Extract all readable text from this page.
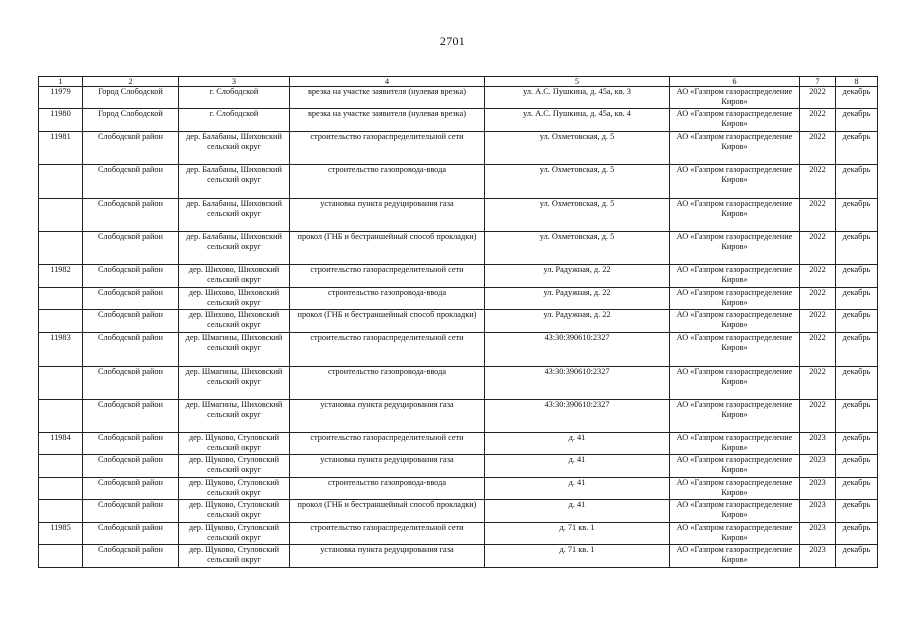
2701
1	2	3	4	5	6	7	8
11979	Город Слободской	г. Слободской	врезка на участке заявителя (нулевая врезка)	ул. А.С. Пушкина, д. 45а, кв. 3	АО «Газпром газораспределение Киров»	2022	декабрь
11980	Город Слободской	г. Слободской	врезка на участке заявителя (нулевая врезка)	ул. А.С. Пушкина, д. 45а, кв. 4	АО «Газпром газораспределение Киров»	2022	декабрь
11981	Слободской район	дер. Балабаны, Шиховский сельский округ	строительство газораспределительной сети	ул. Охметовская, д. 5	АО «Газпром газораспределение Киров»	2022	декабрь
	Слободской район	дер. Балабаны, Шиховский сельский округ	строительство газопровода-ввода	ул. Охметовская, д. 5	АО «Газпром газораспределение Киров»	2022	декабрь
	Слободской район	дер. Балабаны, Шиховский сельский округ	установка пункта редуцирования газа	ул. Охметовская, д. 5	АО «Газпром газораспределение Киров»	2022	декабрь
	Слободской район	дер. Балабаны, Шиховский сельский округ	прокол (ГНБ и бестраншейный способ прокладки)	ул. Охметовская, д. 5	АО «Газпром газораспределение Киров»	2022	декабрь
11982	Слободской район	дер. Шихово, Шиховский сельский округ	строительство газораспределительной сети	ул. Радужная, д. 22	АО «Газпром газораспределение Киров»	2022	декабрь
	Слободской район	дер. Шихово, Шиховский сельский округ	строительство газопровода-ввода	ул. Радужная, д. 22	АО «Газпром газораспределение Киров»	2022	декабрь
	Слободской район	дер. Шихово, Шиховский сельский округ	прокол (ГНБ и бестраншейный способ прокладки)	ул. Радужная, д. 22	АО «Газпром газораспределение Киров»	2022	декабрь
11983	Слободской район	дер. Шмагины, Шиховский сельский округ	строительство газораспределительной сети	43:30:390610:2327	АО «Газпром газораспределение Киров»	2022	декабрь
	Слободской район	дер. Шмагины, Шиховский сельский округ	строительство газопровода-ввода	43:30:390610:2327	АО «Газпром газораспределение Киров»	2022	декабрь
	Слободской район	дер. Шмагины, Шиховский сельский округ	установка пункта редуцирования газа	43:30:390610:2327	АО «Газпром газораспределение Киров»	2022	декабрь
11984	Слободской район	дер. Щуково, Стуловский сельский округ	строительство газораспределительной сети	д. 41	АО «Газпром газораспределение Киров»	2023	декабрь
	Слободской район	дер. Щуково, Стуловский сельский округ	установка пункта редуцирования газа	д. 41	АО «Газпром газораспределение Киров»	2023	декабрь
	Слободской район	дер. Щуково, Стуловский сельский округ	строительство газопровода-ввода	д. 41	АО «Газпром газораспределение Киров»	2023	декабрь
	Слободской район	дер. Щуково, Стуловский сельский округ	прокол (ГНБ и бестраншейный способ прокладки)	д. 41	АО «Газпром газораспределение Киров»	2023	декабрь
11985	Слободской район	дер. Щуково, Стуловский сельский округ	строительство газораспределительной сети	д. 71 кв. 1	АО «Газпром газораспределение Киров»	2023	декабрь
	Слободской район	дер. Щуково, Стуловский сельский округ	установка пункта редуцирования газа	д. 71 кв. 1	АО «Газпром газораспределение Киров»	2023	декабрь
